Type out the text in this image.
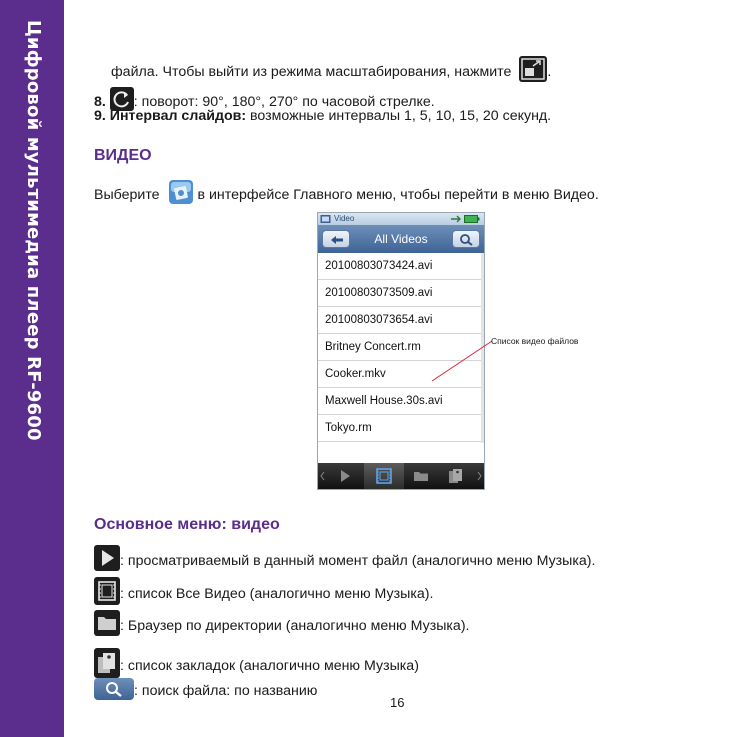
Цифровой мультимедиа плеер RF-9600	файла. Чтобы выйти из режима масштабирования, нажмите	.
8. : поворот: 90°, 180°, 270° по часовой стрелке.
9. Интервал слайдов: возможные интервалы 1, 5, 10, 15, 20 секунд.
ВИДЕО
Выберите	в интерфейсе Главного меню, чтобы перейти в меню Видео.
Video
All Videos
20100803073424.avi
20100803073509.avi
20100803073654.avi
Britney Concert.rm
Cooker.mkv
Maxwell House.30s.avi
Tokyo.rm
Список видео файлов
Основное меню: видео
: просматриваемый в данный момент файл (аналогично меню Музыка).
: список Все Видео (аналогично меню Музыка).
: Браузер по директории (аналогично меню Музыка).
: список закладок (аналогично меню Музыка)
: поиск файла: по названию
16
